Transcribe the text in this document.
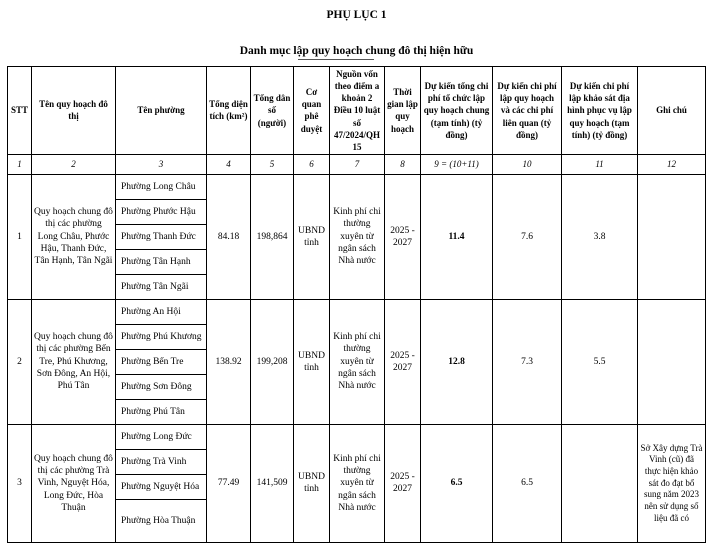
PHỤ LỤC 1

Danh mục lập quy hoạch chung đô thị hiện hữu
STT	Tên quy hoạch đô thị	Tên phường	Tổng diện tích (km²)	Tổng dân số (người)	Cơ quan phê duyệt	Nguồn vốn theo điểm a khoản 2 Điều 10 luật số 47/2024/QH15	Thời gian lập quy hoạch	Dự kiến tổng chi phí tổ chức lập quy hoạch chung (tạm tính) (tỷ đồng)	Dự kiến chi phí lập quy hoạch và các chi phí liên quan (tỷ đồng)	Dự kiến chi phí lập khảo sát địa hình phục vụ lập quy hoạch (tạm tính) (tỷ đồng)	Ghi chú
1	2	3	4	5	6	7	8	9 = (10+11)	10	11	12
1	Quy hoạch chung đô thị các phường Long Châu, Phước Hậu, Thanh Đức, Tân Hạnh, Tân Ngãi	Phường Long Châu	84.18	198,864	UBND tỉnh	Kinh phí chi thường xuyên từ ngân sách Nhà nước	2025 - 2027	11.4	7.6	3.8	
		Phường Phước Hậu									
		Phường Thanh Đức									
		Phường Tân Hạnh									
		Phường Tân Ngãi									
2	Quy hoạch chung đô thị các phường Bến Tre, Phú Khương, Sơn Đông, An Hội, Phú Tân	Phường An Hội	138.92	199,208	UBND tỉnh	Kinh phí chi thường xuyên từ ngân sách Nhà nước	2025 - 2027	12.8	7.3	5.5	
		Phường Phú Khương									
		Phường Bến Tre									
		Phường Sơn Đông									
		Phường Phú Tân									
3	Quy hoạch chung đô thị các phường Trà Vinh, Nguyệt Hóa, Long Đức, Hòa Thuận	Phường Long Đức	77.49	141,509	UBND tỉnh	Kinh phí chi thường xuyên từ ngân sách Nhà nước	2025 - 2027	6.5	6.5		Sở Xây dựng Trà Vinh (cũ) đã thực hiện khảo sát đo đạt bổ sung năm 2023 nên sử dụng số liệu đã có
		Phường Trà Vinh									
		Phường Nguyệt Hóa									
		Phường Hòa Thuận									
